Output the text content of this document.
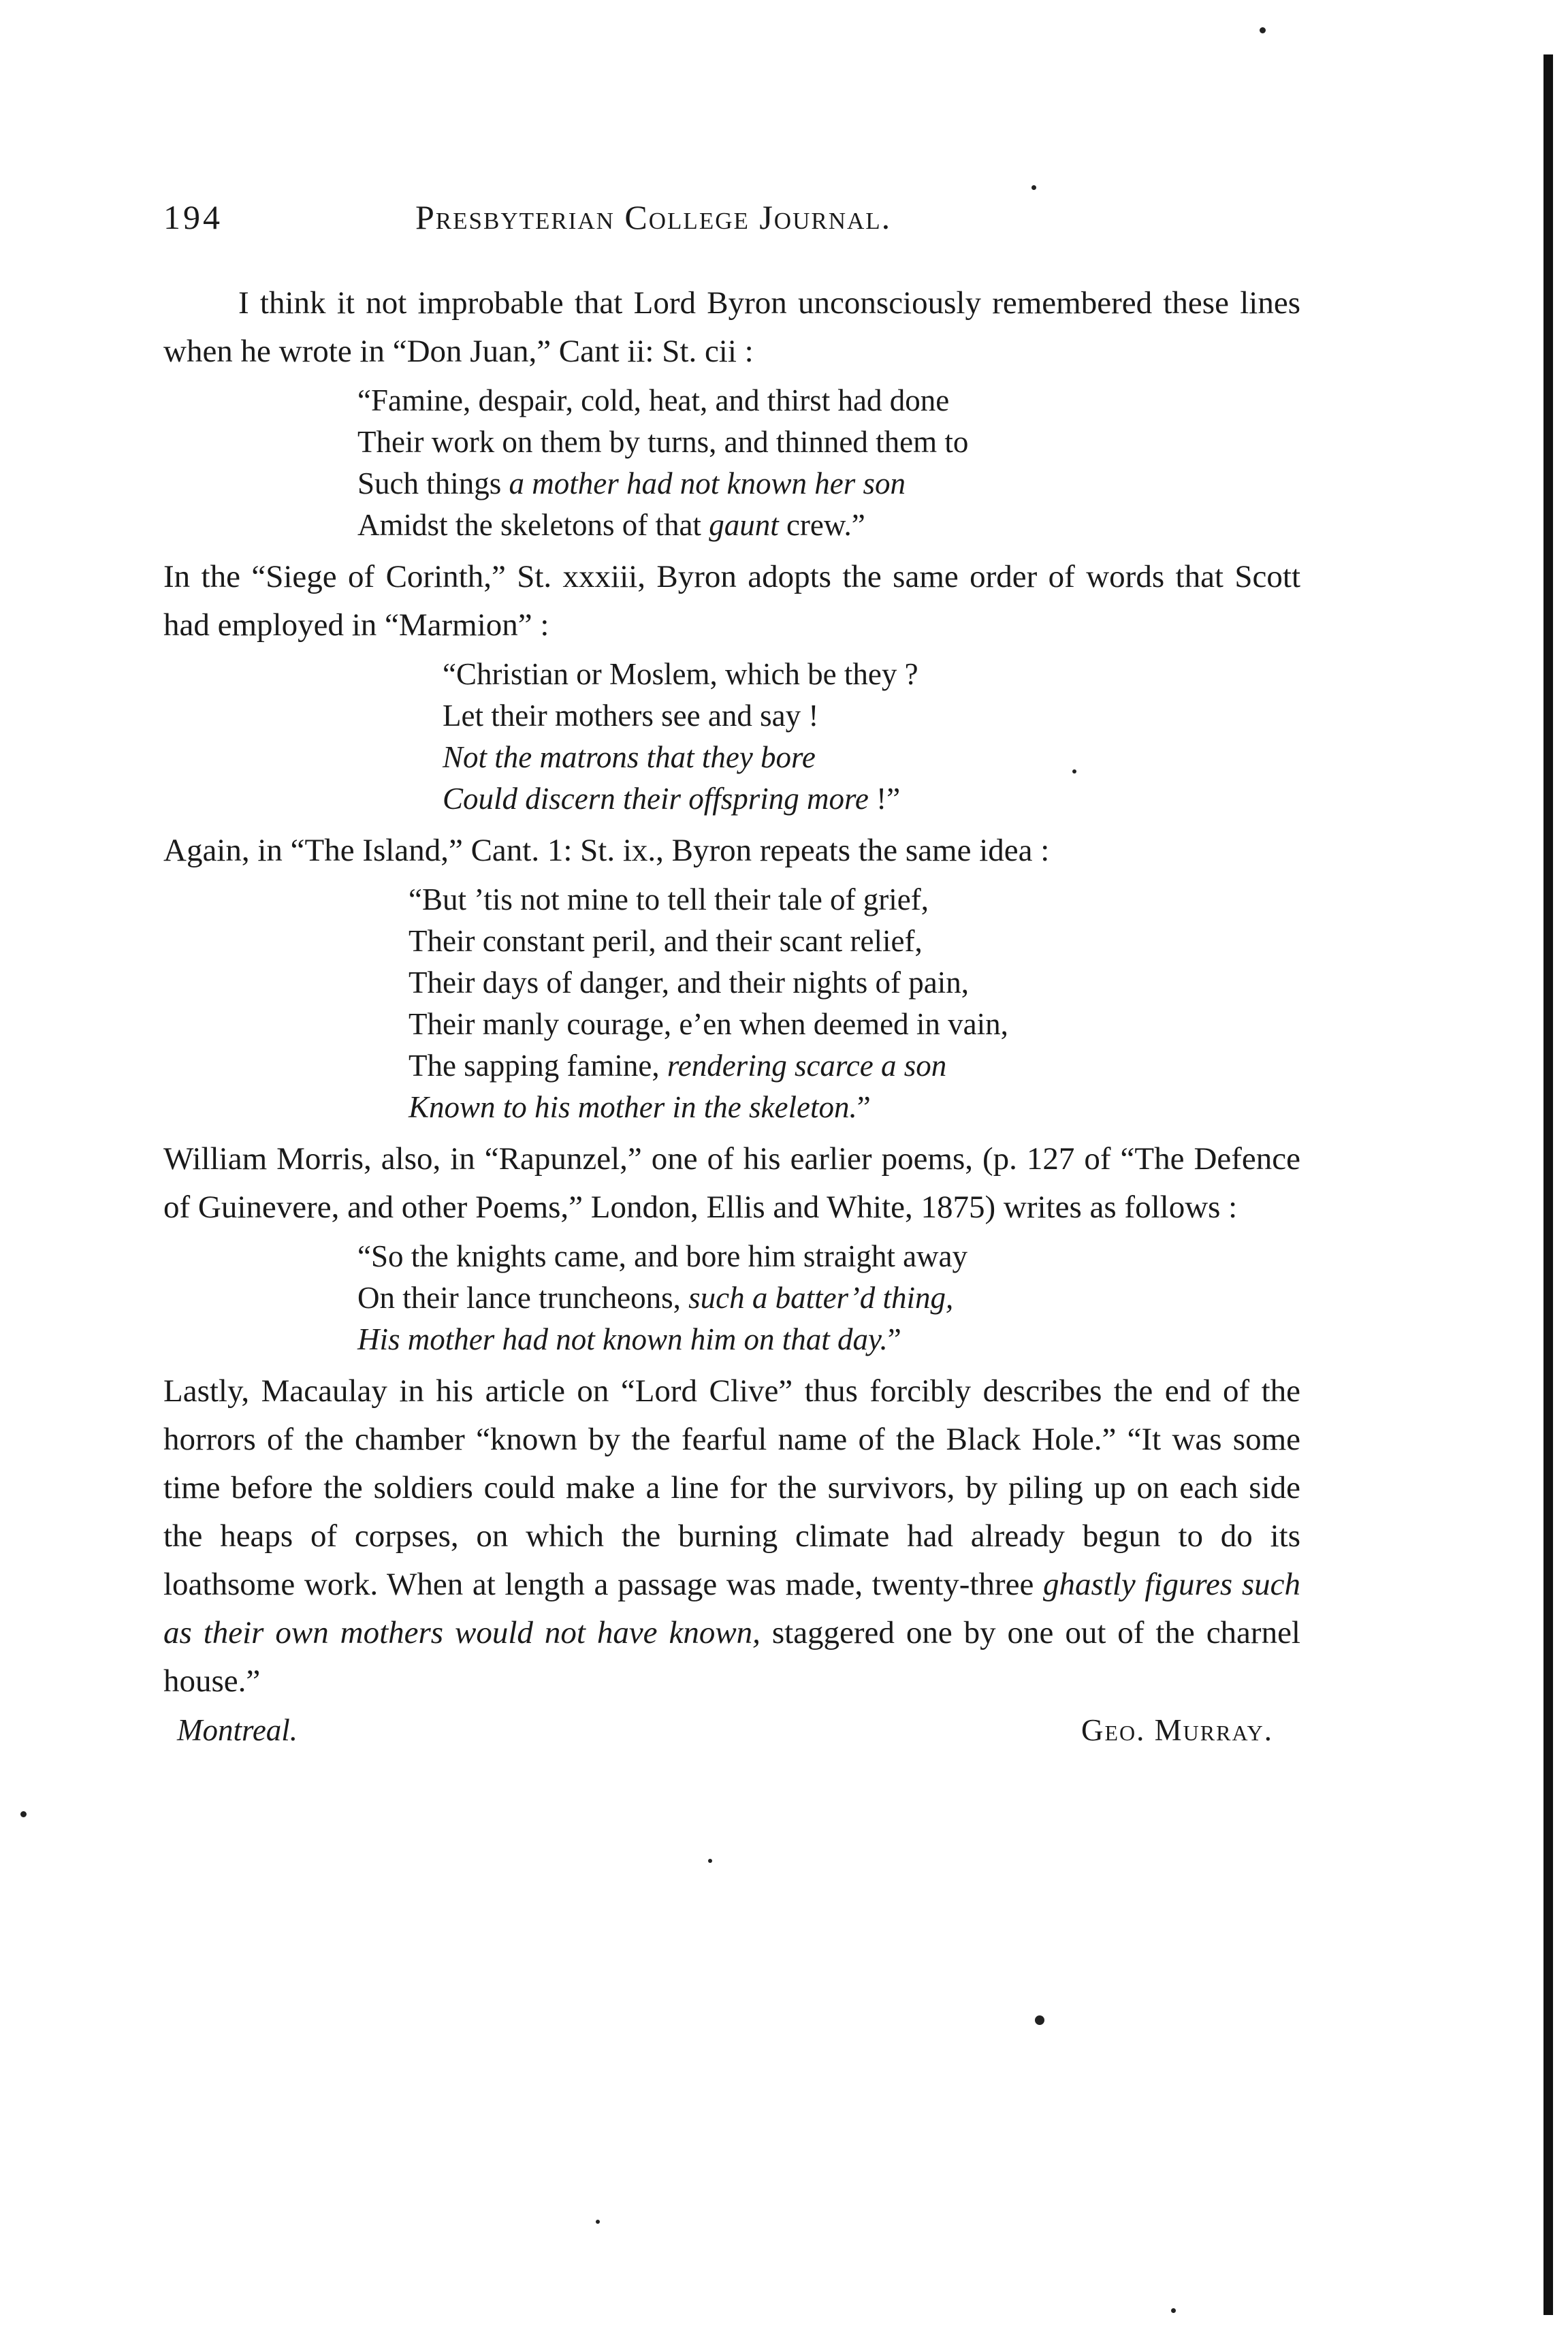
194	Presbyterian College Journal.

I think it not improbable that Lord Byron unconsciously remembered these lines when he wrote in “Don Juan,” Cant ii: St. cii :

“Famine, despair, cold, heat, and thirst had done
Their work on them by turns, and thinned them to
Such things a mother had not known her son
Amidst the skeletons of that gaunt crew.”

In the “Siege of Corinth,” St. xxxiii, Byron adopts the same order of words that Scott had employed in “Marmion” :

“Christian or Moslem, which be they ?
Let their mothers see and say !
Not the matrons that they bore
Could discern their offspring more !”

Again, in “The Island,” Cant. 1: St. ix., Byron repeats the same idea :

“But ’tis not mine to tell their tale of grief,
Their constant peril, and their scant relief,
Their days of danger, and their nights of pain,
Their manly courage, e’en when deemed in vain,
The sapping famine, rendering scarce a son
Known to his mother in the skeleton.”

William Morris, also, in “Rapunzel,” one of his earlier poems, (p. 127 of “The Defence of Guinevere, and other Poems,” London, Ellis and White, 1875) writes as follows :

“So the knights came, and bore him straight away
On their lance truncheons, such a batter’d thing,
His mother had not known him on that day.”

Lastly, Macaulay in his article on “Lord Clive” thus forcibly describes the end of the horrors of the chamber “known by the fearful name of the Black Hole.” “It was some time before the soldiers could make a line for the survivors, by piling up on each side the heaps of corpses, on which the burning climate had already begun to do its loathsome work. When at length a passage was made, twenty-three ghastly figures such as their own mothers would not have known, staggered one by one out of the charnel house.”

Montreal.	Geo. Murray.
